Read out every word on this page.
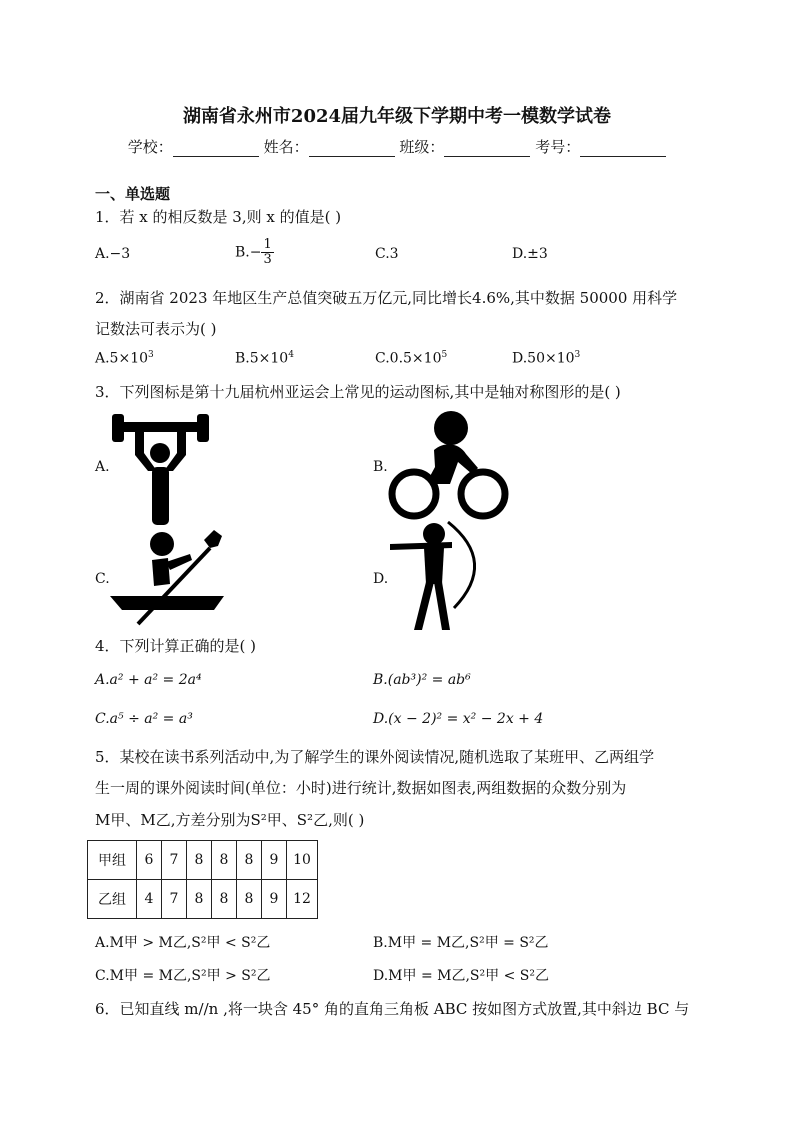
湖南省永州市2024届九年级下学期中考一模数学试卷
学校：	姓名：	班级：	考号：
一、单选题
1．若 x 的相反数是 3,则 x 的值是( )
A.−3	$B.- \frac{1}{3}$	C.3	D.±3
2．湖南省 2023 年地区生产总值突破五万亿元,同比增长4.6%,其中数据 50000 用科学
记数法可表示为( )
$A.5\times 10^3$	$B.5\times 10^4$	$C.0.5\times 10^5$	$D.50\times 10^3$
3．下列图标是第十九届杭州亚运会上常见的运动图标,其中是轴对称图形的是( )
A.	B.
C.	D.
4．下列计算正确的是( )
A.a² + a² = 2a⁴	B.(ab³)² = ab⁶
C.a⁵ ÷ a² = a³	D.(x − 2)² = x² − 2x + 4
5．某校在读书系列活动中,为了解学生的课外阅读情况,随机选取了某班甲、乙两组学
生一周的课外阅读时间(单位：小时)进行统计,数据如图表,两组数据的众数分别为
M甲、M乙,方差分别为S²甲、S²乙,则( )
甲组	6	7	8	8	8	9	10
乙组	4	7	8	8	8	9	12
A.M甲 > M乙,S²甲 < S²乙	B.M甲 = M乙,S²甲 = S²乙
C.M甲 = M乙,S²甲 > S²乙	D.M甲 = M乙,S²甲 < S²乙
6．已知直线 m//n ,将一块含 45° 角的直角三角板 ABC 按如图方式放置,其中斜边 BC 与
